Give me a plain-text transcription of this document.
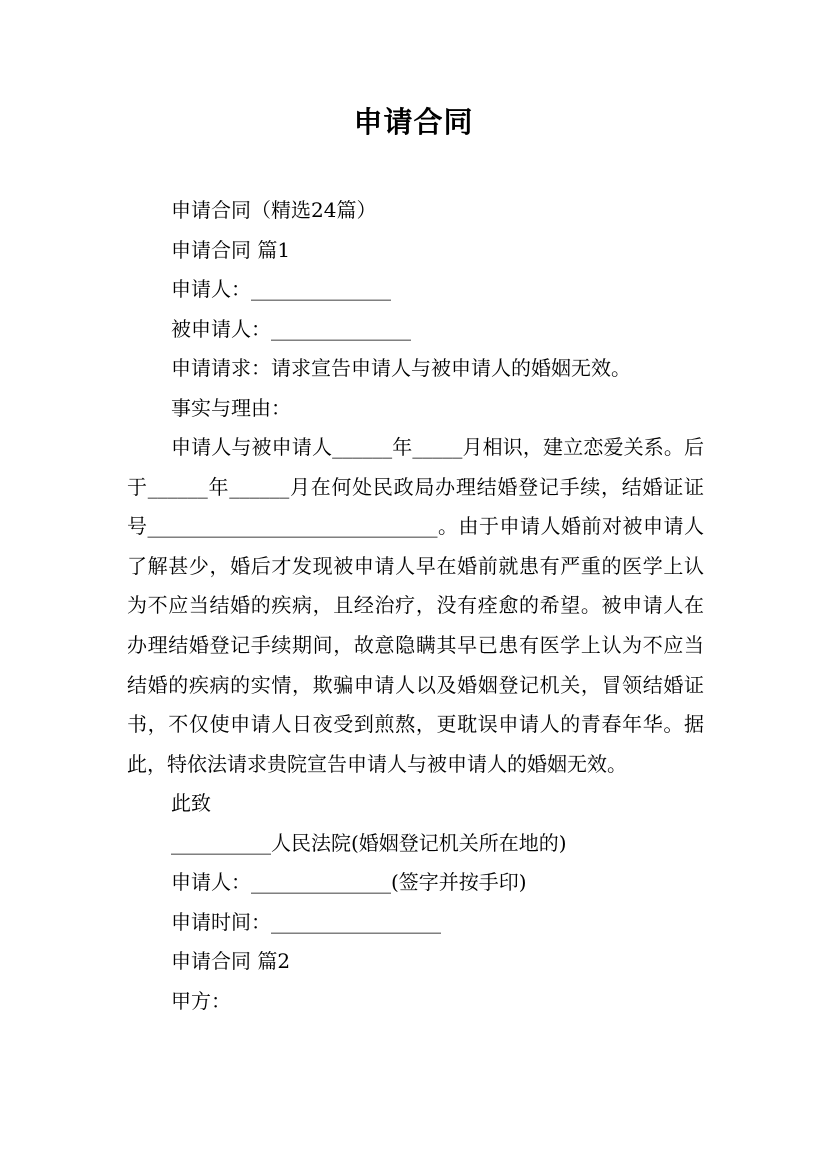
申请合同
申请合同（精选24篇）
申请合同 篇1
申请人：______________
被申请人：______________
申请请求：请求宣告申请人与被申请人的婚姻无效。
事实与理由：
申请人与被申请人______年_____月相识，建立恋爱关系。后于______年______月在何处民政局办理结婚登记手续，结婚证证号_____________________________。由于申请人婚前对被申请人了解甚少，婚后才发现被申请人早在婚前就患有严重的医学上认为不应当结婚的疾病，且经治疗，没有痊愈的希望。被申请人在办理结婚登记手续期间，故意隐瞒其早已患有医学上认为不应当结婚的疾病的实情，欺骗申请人以及婚姻登记机关，冒领结婚证书，不仅使申请人日夜受到煎熬，更耽误申请人的青春年华。据此，特依法请求贵院宣告申请人与被申请人的婚姻无效。
此致
__________人民法院(婚姻登记机关所在地的)
申请人：______________(签字并按手印)
申请时间：_________________
申请合同 篇2
甲方：
